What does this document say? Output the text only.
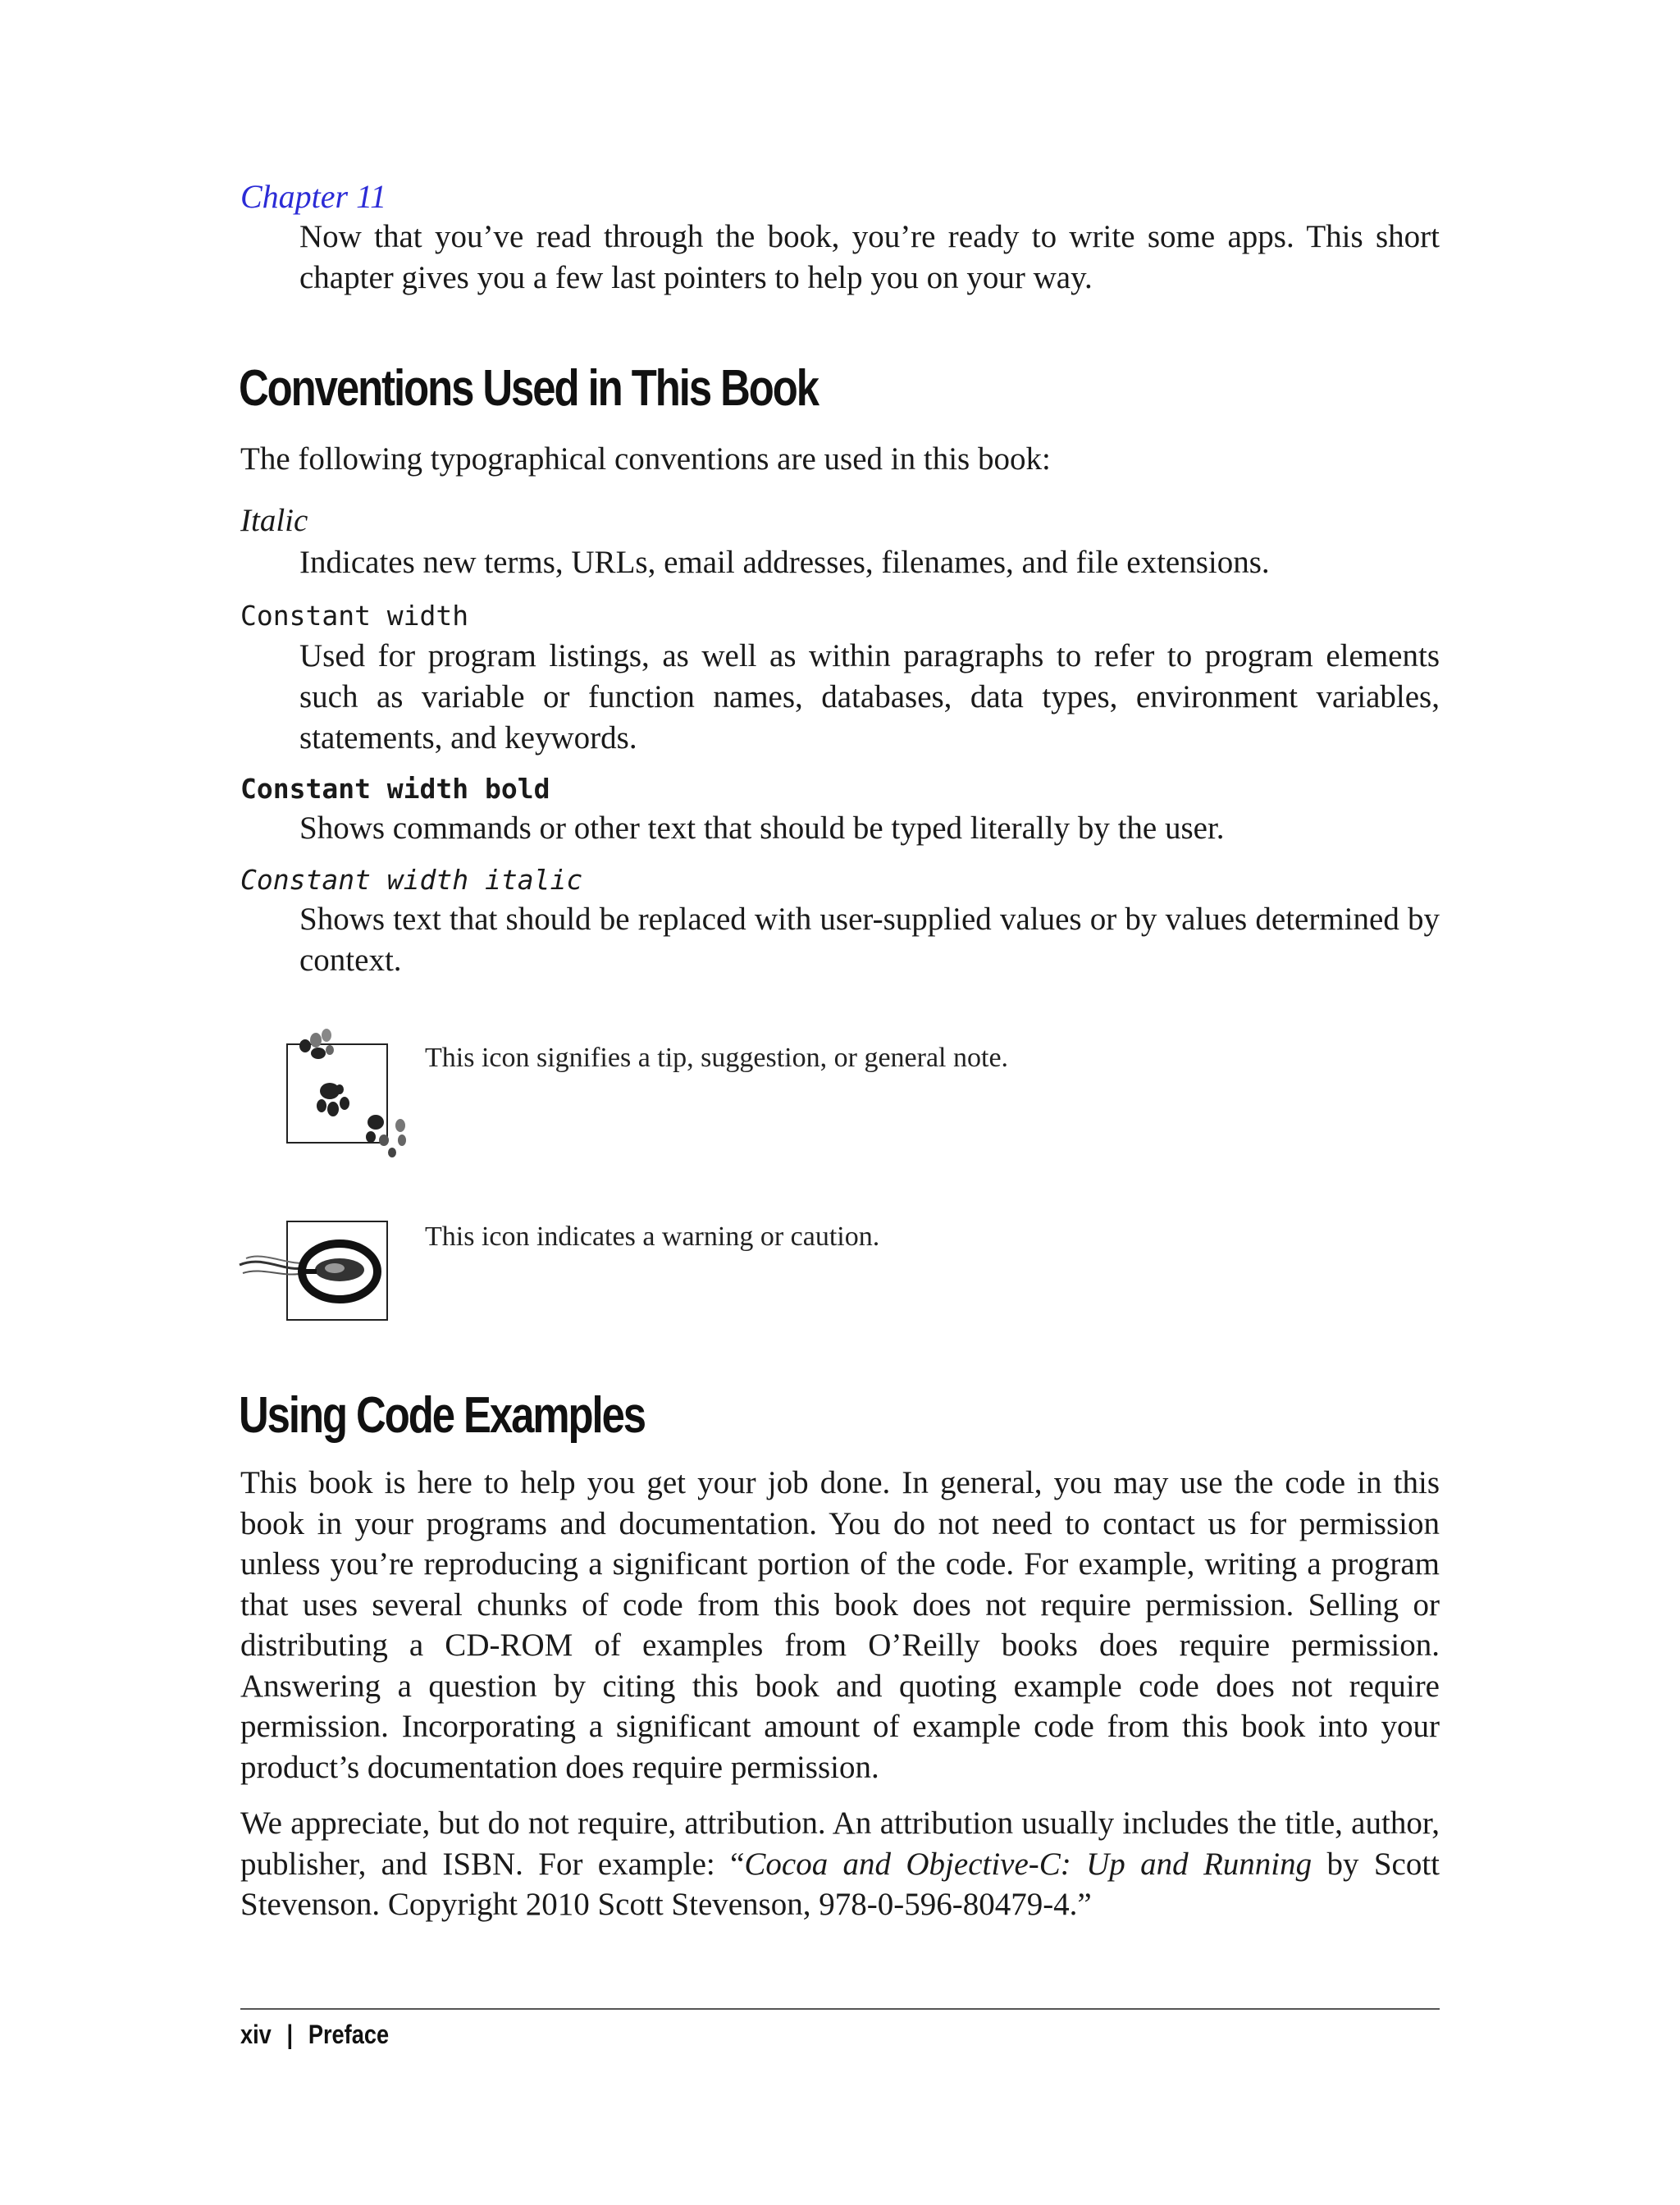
Chapter 11
Now that you’ve read through the book, you’re ready to write some apps. This short chapter gives you a few last pointers to help you on your way.
Conventions Used in This Book
The following typographical conventions are used in this book:
Italic
Indicates new terms, URLs, email addresses, filenames, and file extensions.
Constant width
Used for program listings, as well as within paragraphs to refer to program elements such as variable or function names, databases, data types, environment variables, statements, and keywords.
Constant width bold
Shows commands or other text that should be typed literally by the user.
Constant width italic
Shows text that should be replaced with user-supplied values or by values determined by context.
This icon signifies a tip, suggestion, or general note.
This icon indicates a warning or caution.
Using Code Examples
This book is here to help you get your job done. In general, you may use the code in this book in your programs and documentation. You do not need to contact us for permission unless you’re reproducing a significant portion of the code. For example, writing a program that uses several chunks of code from this book does not require permission. Selling or distributing a CD-ROM of examples from O’Reilly books does require permission. Answering a question by citing this book and quoting example code does not require permission. Incorporating a significant amount of example code from this book into your product’s documentation does require permission.
We appreciate, but do not require, attribution. An attribution usually includes the title, author, publisher, and ISBN. For example: “Cocoa and Objective-C: Up and Running by Scott Stevenson. Copyright 2010 Scott Stevenson, 978-0-596-80479-4.”
xiv | Preface
